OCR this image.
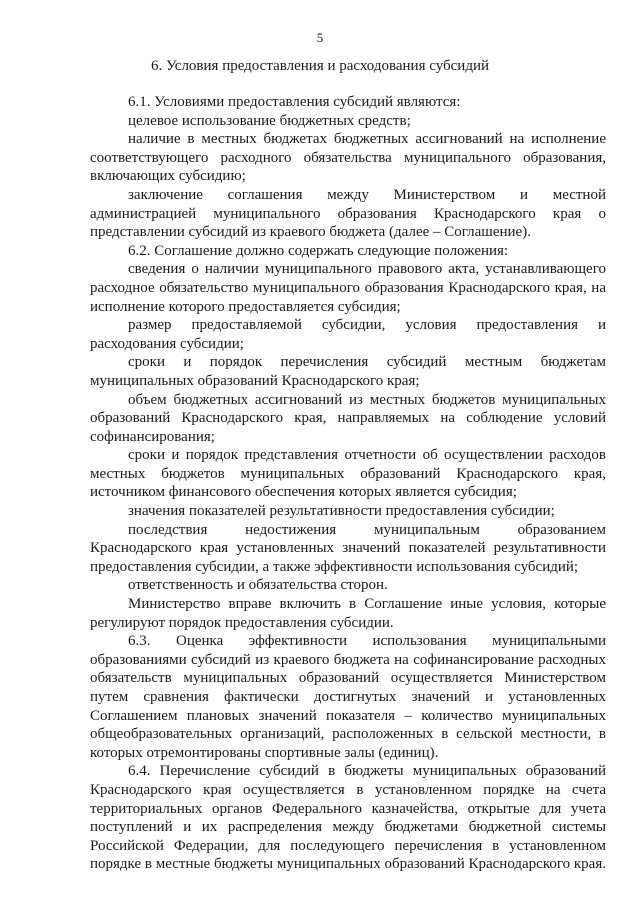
5
6. Условия предоставления и расходования субсидий

6.1. Условиями предоставления субсидий являются:

целевое использование бюджетных средств;

наличие в местных бюджетах бюджетных ассигнований на исполнение соответствующего расходного обязательства муниципального образования, включающих субсидию;

заключение соглашения между Министерством и местной администрацией муниципального образования Краснодарского края о представлении субсидий из краевого бюджета (далее – Соглашение).

6.2. Соглашение должно содержать следующие положения:

сведения о наличии муниципального правового акта, устанавливающего расходное обязательство муниципального образования Краснодарского края, на исполнение которого предоставляется субсидия;

размер предоставляемой субсидии, условия предоставления и расходования субсидии;

сроки и порядок перечисления субсидий местным бюджетам муниципальных образований Краснодарского края;

объем бюджетных ассигнований из местных бюджетов муниципальных образований Краснодарского края, направляемых на соблюдение условий софинансирования;

сроки и порядок представления отчетности об осуществлении расходов местных бюджетов муниципальных образований Краснодарского края, источником финансового обеспечения которых является субсидия;

значения показателей результативности предоставления субсидии;

последствия недостижения муниципальным образованием Краснодарского края установленных значений показателей результативности предоставления субсидии, а также эффективности использования субсидий;

ответственность и обязательства сторон.

Министерство вправе включить в Соглашение иные условия, которые регулируют порядок предоставления субсидии.

6.3. Оценка эффективности использования муниципальными образованиями субсидий из краевого бюджета на софинансирование расходных обязательств муниципальных образований осуществляется Министерством путем сравнения фактически достигнутых значений и установленных Соглашением плановых значений показателя – количество муниципальных общеобразовательных организаций, расположенных в сельской местности, в которых отремонтированы спортивные залы (единиц).

6.4. Перечисление субсидий в бюджеты муниципальных образований Краснодарского края осуществляется в установленном порядке на счета территориальных органов Федерального казначейства, открытые для учета поступлений и их распределения между бюджетами бюджетной системы Российской Федерации, для последующего перечисления в установленном порядке в местные бюджеты муниципальных образований Краснодарского края.
